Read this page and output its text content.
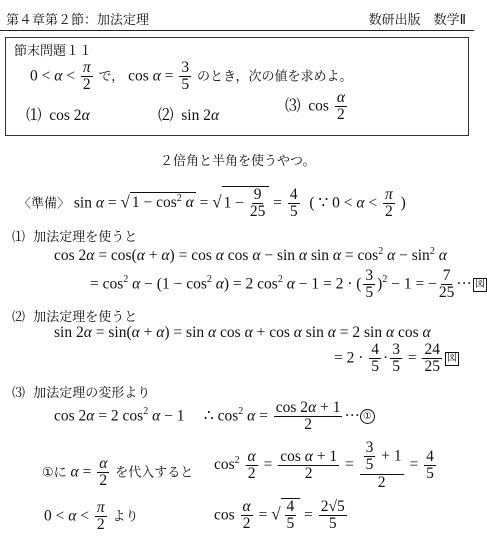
第４章第２節：加法定理	数研出版　数学Ⅱ
節末問題１１
$0 < \alpha < \frac{\pi}{2}$ で， $\cos \alpha = \frac{3}{5}$ のとき，次の値を求めよ。
⑴  cos 2α	⑵  sin 2α
⑶  $\cos \frac{\alpha}{2}$
２倍角と半角を使うやつ。
〈準備〉 sin α = √ $1 - \cos^2 \alpha$ = √ $1 - \frac{9}{25} = \frac{4}{5}$ ( ∵ $0 < \alpha < \frac{\pi}{2}$ )
⑴ 加法定理を使うと
cos 2α = cos(α + α) = cos α cos α − sin α $\sin \alpha = \cos^2 \alpha - \sin^2 \alpha$
= $\cos^2 \alpha - (1 - \cos^2 \alpha) = 2$ $\cos^2 \alpha - 1 = 2$ · ( $\frac{3}{5} )^2 - 1$ = − $\frac{7}{25}$ ··· 図
⑵ 加法定理を使うと
sin 2α = sin(α + α) = sin α cos α + cos α sin α = 2 sin α cos α
= $2 \cdot \frac{4}{5} \cdot \frac{3}{5} = \frac{24}{25}$ 図
⑶ 加法定理の変形より
cos 2α = 2 $\cos^2 \alpha - 1$     ∴ $\cos^2 \alpha = \frac{\cos 2\alpha + 1}{2}$ ··· ①
①に $\alpha = \frac{\alpha}{2}$ を代入すると $\cos^2 \frac{\alpha}{2} = \frac{\text{cos α + 1}}{2} = \frac{\frac{3}{5} + 1}{2} = \frac{4}{5}$
$0 < \alpha < \frac{\pi}{2}$ より	$\cos \frac{\alpha}{2}$ = √ $\frac{4}{5} = \frac{2√5}{5}$
